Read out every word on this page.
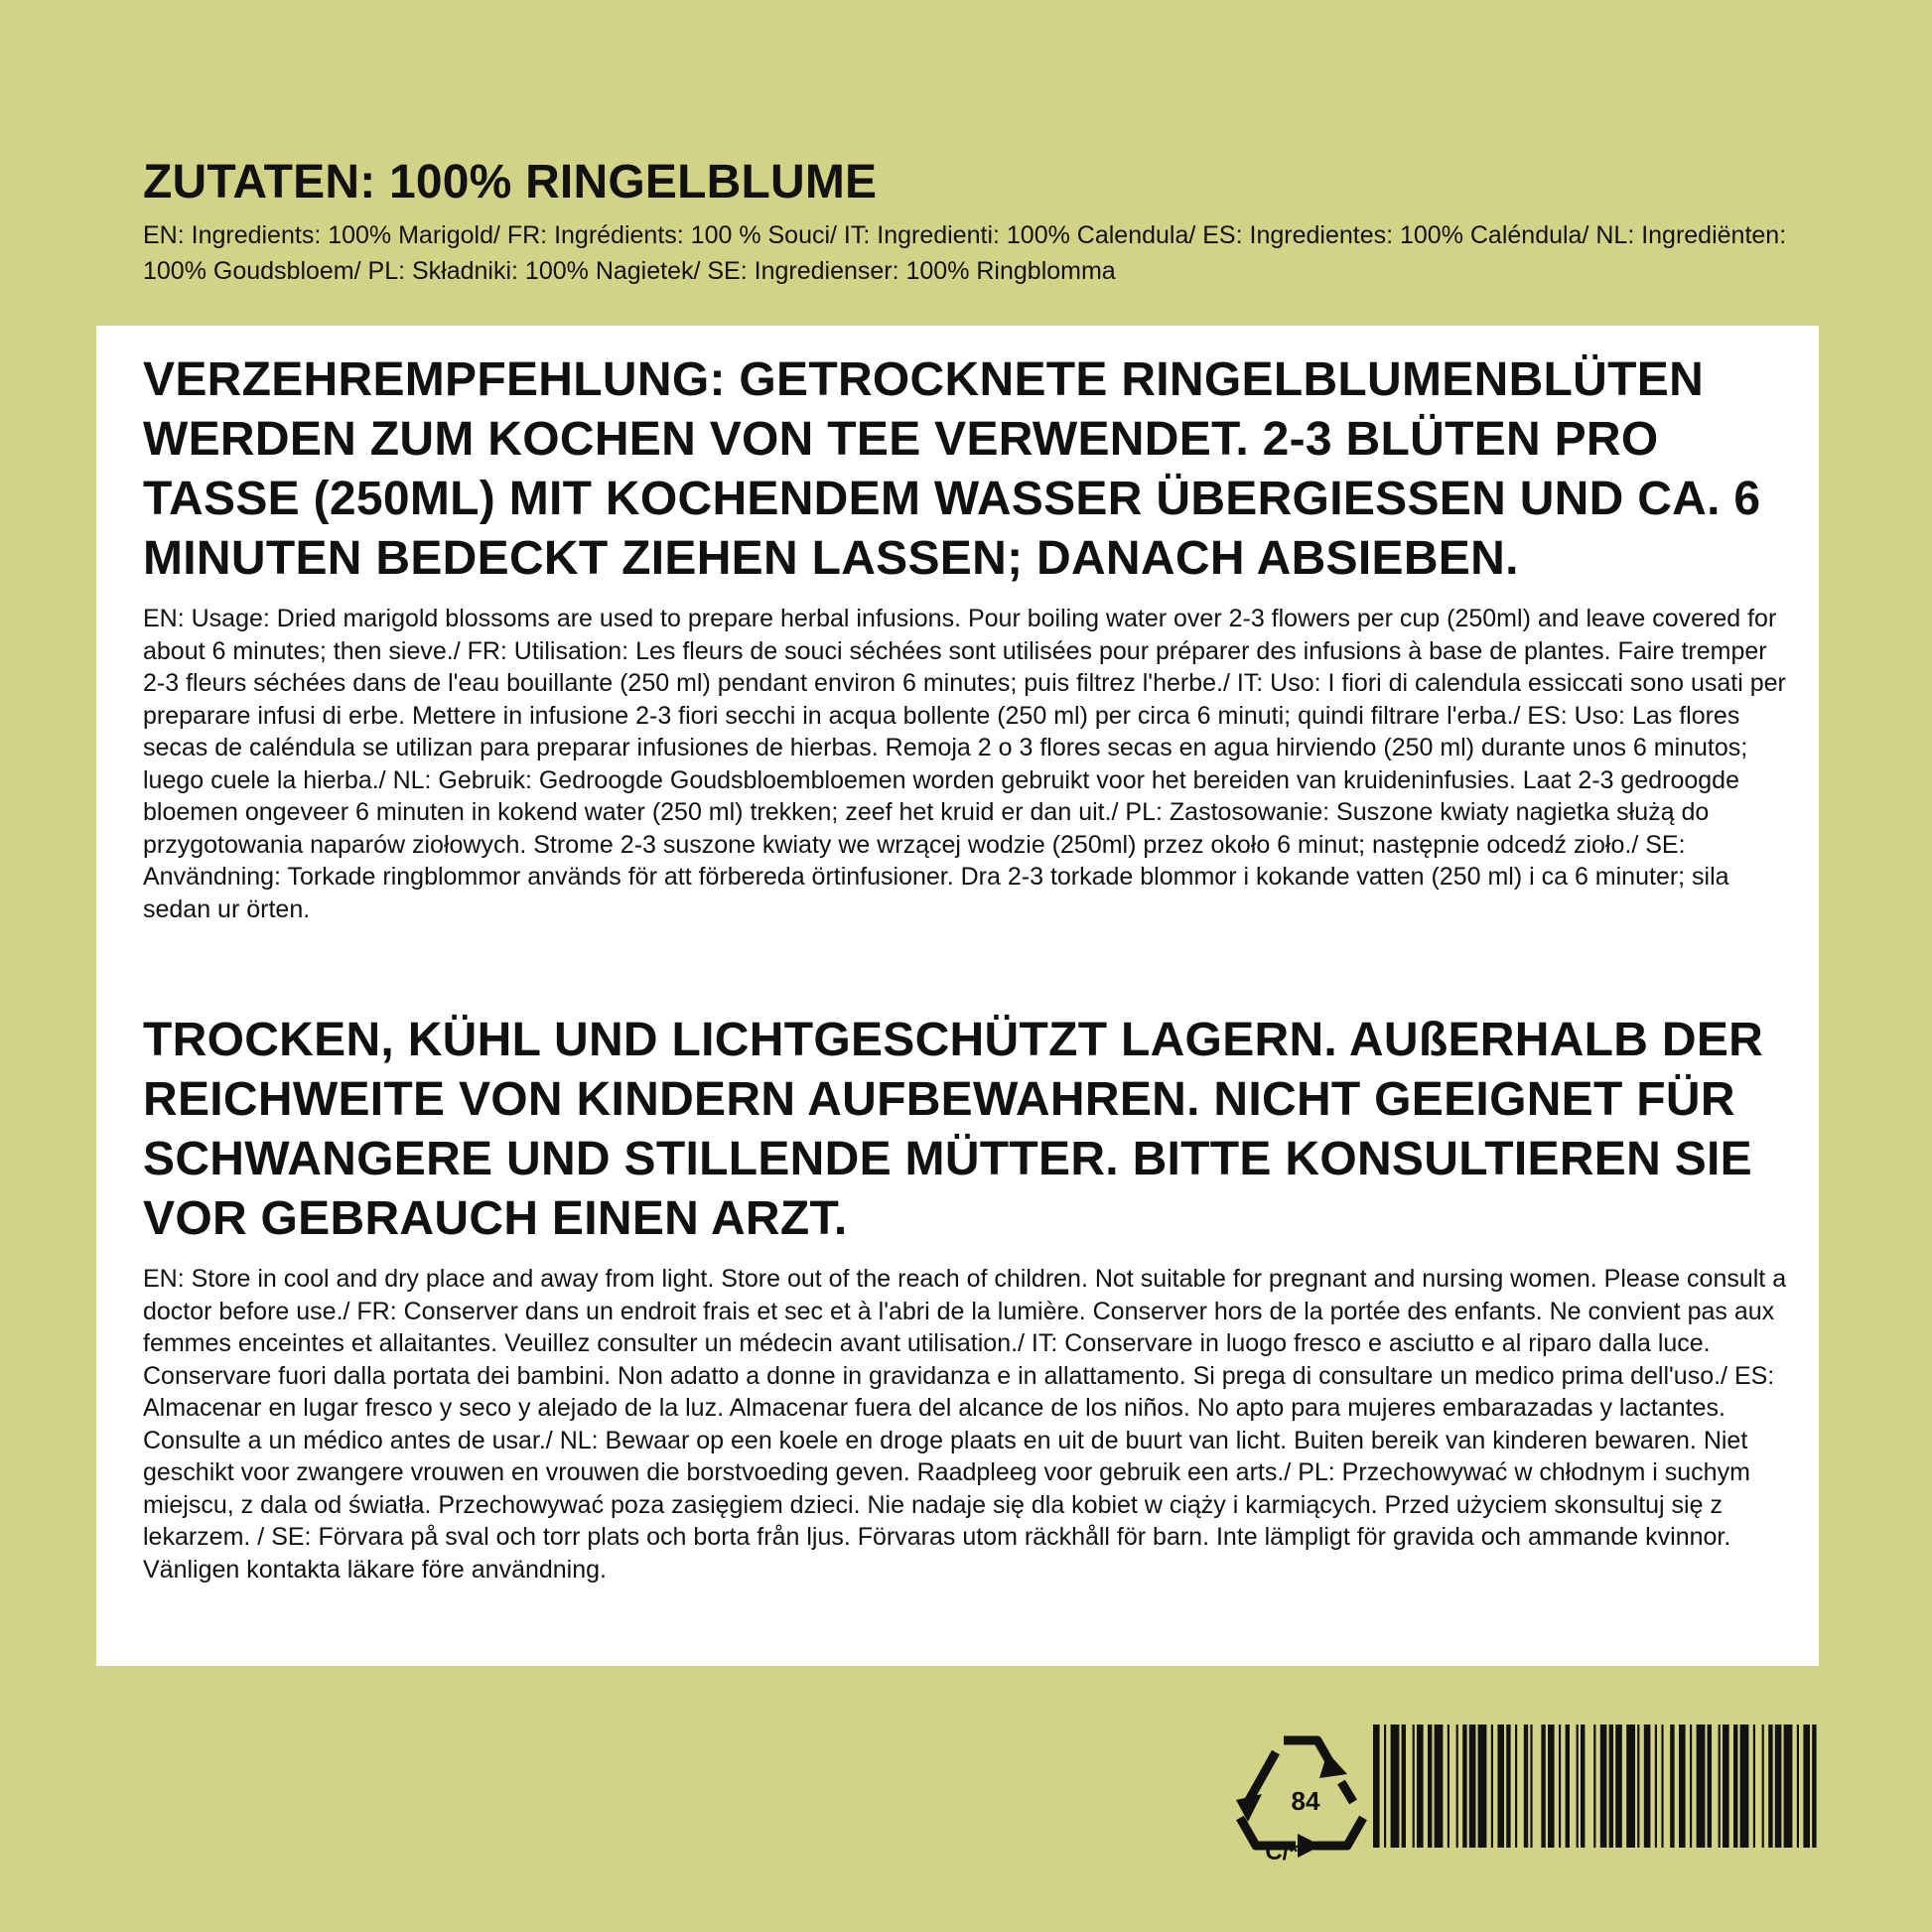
ZUTATEN: 100% RINGELBLUME

EN: Ingredients: 100% Marigold/ FR: Ingrédients: 100 % Souci/ IT: Ingredienti: 100% Calendula/ ES: Ingredientes: 100% Caléndula/ NL: Ingrediënten: 100% Goudsbloem/ PL: Składniki: 100% Nagietek/ SE: Ingredienser: 100% Ringblomma

VERZEHREMPFEHLUNG: GETROCKNETE RINGELBLUMENBLÜTEN WERDEN ZUM KOCHEN VON TEE VERWENDET. 2-3 BLÜTEN PRO TASSE (250ML) MIT KOCHENDEM WASSER ÜBERGIESSEN UND CA. 6 MINUTEN BEDECKT ZIEHEN LASSEN; DANACH ABSIEBEN.

EN: Usage: Dried marigold blossoms are used to prepare herbal infusions. Pour boiling water over 2-3 flowers per cup (250ml) and leave covered for about 6 minutes; then sieve./ FR: Utilisation: Les fleurs de souci séchées sont utilisées pour préparer des infusions à base de plantes. Faire tremper 2-3 fleurs séchées dans de l'eau bouillante (250 ml) pendant environ 6 minutes; puis filtrez l'herbe./ IT: Uso: I fiori di calendula essiccati sono usati per preparare infusi di erbe. Mettere in infusione 2-3 fiori secchi in acqua bollente (250 ml) per circa 6 minuti; quindi filtrare l'erba./ ES: Uso: Las flores secas de caléndula se utilizan para preparar infusiones de hierbas. Remoja 2 o 3 flores secas en agua hirviendo (250 ml) durante unos 6 minutos; luego cuele la hierba./ NL: Gebruik: Gedroogde Goudsbloembloemen worden gebruikt voor het bereiden van kruideninfusies. Laat 2-3 gedroogde bloemen ongeveer 6 minuten in kokend water (250 ml) trekken; zeef het kruid er dan uit./ PL: Zastosowanie: Suszone kwiaty nagietka służą do przygotowania naparów ziołowych. Strome 2-3 suszone kwiaty we wrzącej wodzie (250ml) przez około 6 minut; następnie odcedź zioło./ SE: Användning: Torkade ringblommor används för att förbereda örtinfusioner. Dra 2-3 torkade blommor i kokande vatten (250 ml) i ca 6 minuter; sila sedan ur örten.

TROCKEN, KÜHL UND LICHTGESCHÜTZT LAGERN. AUßERHALB DER REICHWEITE VON KINDERN AUFBEWAHREN. NICHT GEEIGNET FÜR SCHWANGERE UND STILLENDE MÜTTER. BITTE KONSULTIEREN SIE VOR GEBRAUCH EINEN ARZT.

EN: Store in cool and dry place and away from light. Store out of the reach of children. Not suitable for pregnant and nursing women. Please consult a doctor before use./ FR: Conserver dans un endroit frais et sec et à l'abri de la lumière. Conserver hors de la portée des enfants. Ne convient pas aux femmes enceintes et allaitantes. Veuillez consulter un médecin avant utilisation./ IT: Conservare in luogo fresco e asciutto e al riparo dalla luce. Conservare fuori dalla portata dei bambini. Non adatto a donne in gravidanza e in allattamento. Si prega di consultare un medico prima dell'uso./ ES: Almacenar en lugar fresco y seco y alejado de la luz. Almacenar fuera del alcance de los niños. No apto para mujeres embarazadas y lactantes. Consulte a un médico antes de usar./ NL: Bewaar op een koele en droge plaats en uit de buurt van licht. Buiten bereik van kinderen bewaren. Niet geschikt voor zwangere vrouwen en vrouwen die borstvoeding geven. Raadpleeg voor gebruik een arts./ PL: Przechowywać w chłodnym i suchym miejscu, z dala od światła. Przechowywać poza zasięgiem dzieci. Nie nadaje się dla kobiet w ciąży i karmiących. Przed użyciem skonsultuj się z lekarzem. / SE: Förvara på sval och torr plats och borta från ljus. Förvaras utom räckhåll för barn. Inte lämpligt för gravida och ammande kvinnor. Vänligen kontakta läkare före användning.

84
C/*
